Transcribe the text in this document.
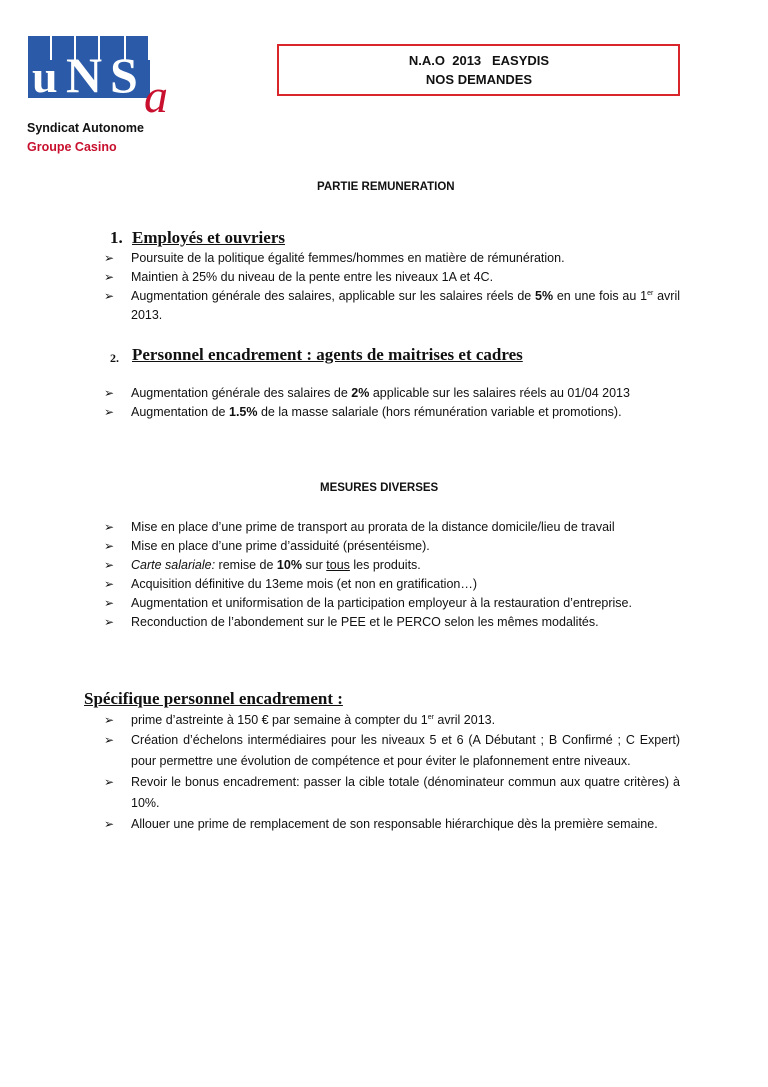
u N S a
Syndicat Autonome
Groupe Casino
N.A.O  2013   EASYDIS
NOS DEMANDES
PARTIE REMUNERATION
1. Employés et ouvriers
➢ Poursuite de la politique égalité femmes/hommes en matière de rémunération.
➢ Maintien à 25% du niveau de la pente entre les niveaux 1A et 4C.
➢ Augmentation générale des salaires, applicable sur les salaires réels de 5% en une fois au 1er avril 2013.
2. Personnel encadrement : agents de maitrises et cadres
➢ Augmentation générale des salaires de 2% applicable sur les salaires réels au 01/04 2013
➢ Augmentation de 1.5% de la masse salariale (hors rémunération variable et promotions).
MESURES DIVERSES
➢ Mise en place d’une prime de transport au prorata de la distance domicile/lieu de travail
➢ Mise en place d’une prime d’assiduité (présentéisme).
➢ Carte salariale: remise de 10% sur tous les produits.
➢ Acquisition définitive du 13eme mois (et non en gratification…)
➢ Augmentation et uniformisation de la participation employeur à la restauration d’entreprise.
➢ Reconduction de l’abondement sur le PEE et le PERCO selon les mêmes modalités.
Spécifique personnel encadrement :
➢ prime d’astreinte à 150 € par semaine à compter du 1er avril 2013.
➢ Création d’échelons intermédiaires pour les niveaux 5 et 6 (A Débutant ; B Confirmé ; C Expert) pour permettre une évolution de compétence et pour éviter le plafonnement entre niveaux.
➢ Revoir le bonus encadrement: passer la cible totale (dénominateur commun aux quatre critères) à 10%.
➢ Allouer une prime de remplacement de son responsable hiérarchique dès la première semaine.
